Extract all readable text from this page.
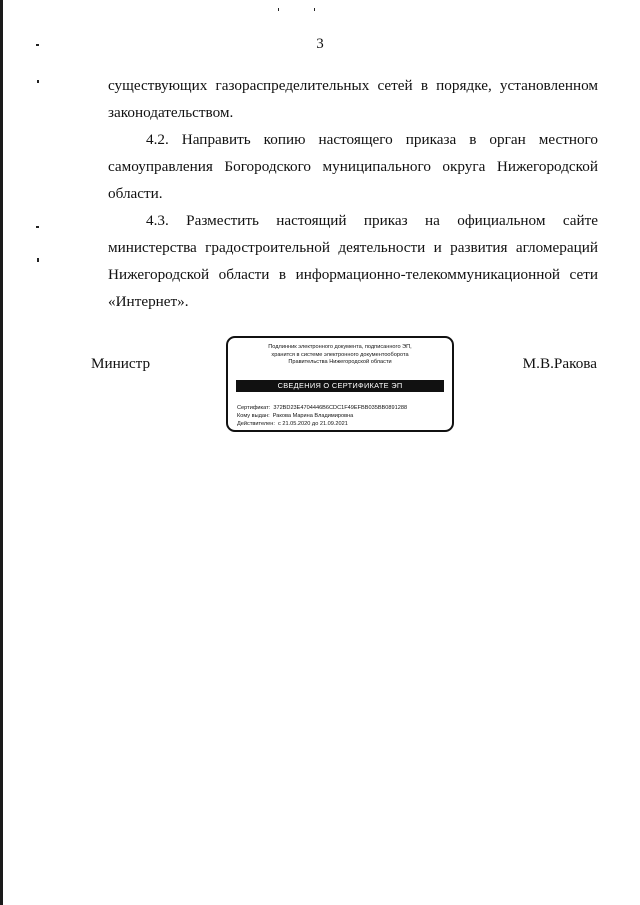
3

существующих газораспределительных сетей в порядке, установленном законодательством.

4.2. Направить копию настоящего приказа в орган местного самоуправления Богородского муниципального округа Нижегородской области.

4.3. Разместить настоящий приказ на официальном сайте министерства градостроительной деятельности и развития агломераций Нижегородской области в информационно-телекоммуникационной сети «Интернет».

Министр	М.В.Ракова
Подлинник электронного документа, подписанного ЭП,
хранится в системе электронного документооборота
Правительства Нижегородской области
СВЕДЕНИЯ О СЕРТИФИКАТЕ ЭП
Сертификат: 372BD23E4704446B6CDC1F49EFBB035BB0891288
Кому выдан: Ракова Марина Владимировна
Действителен: с 21.05.2020 до 21.09.2021
